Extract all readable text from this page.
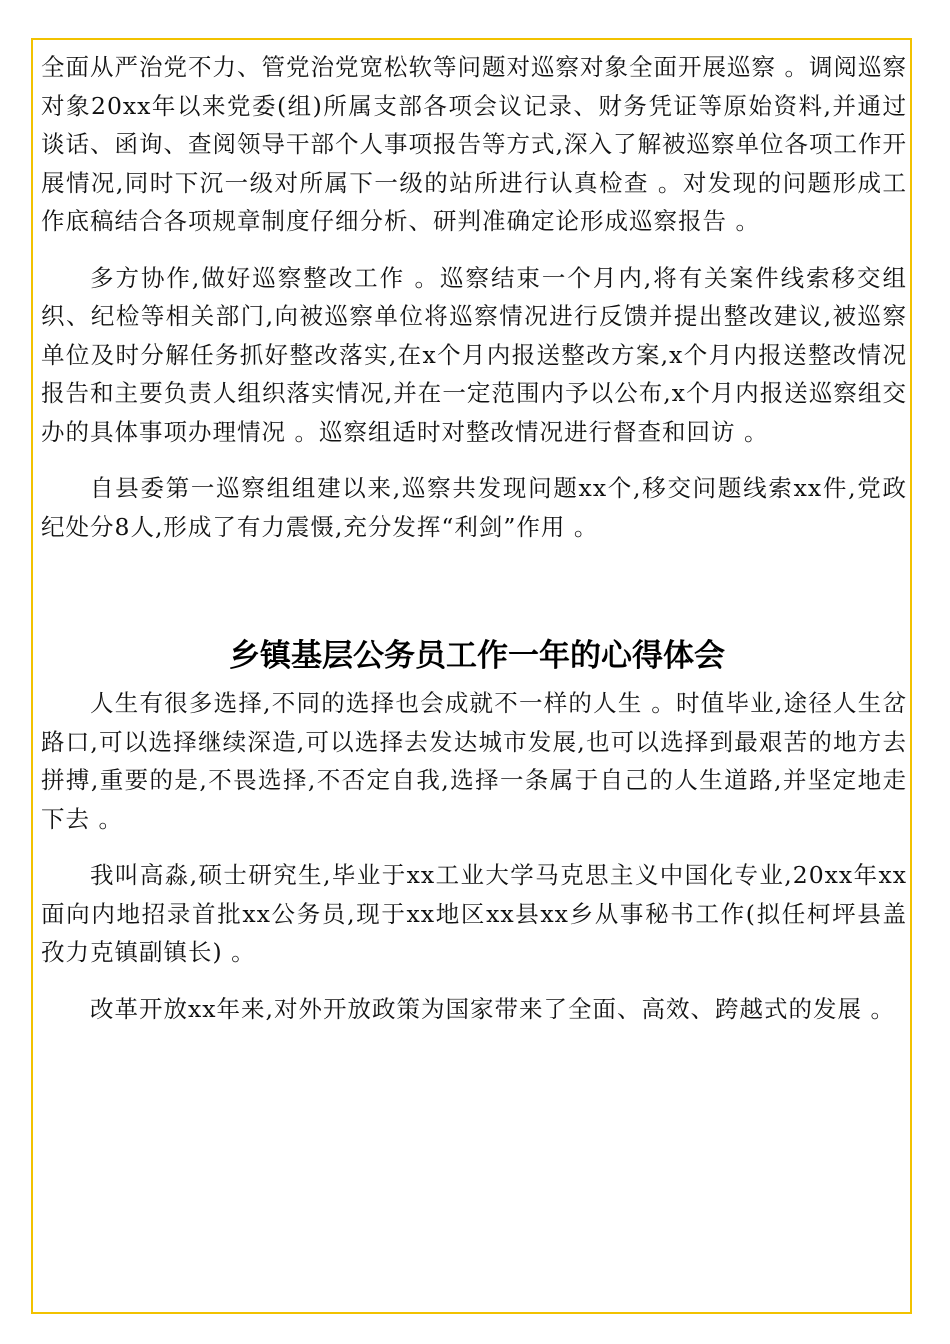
全面从严治党不力、管党治党宽松软等问题对巡察对象全面开展巡察 。调阅巡察对象20xx年以来党委(组)所属支部各项会议记录、财务凭证等原始资料,并通过谈话、函询、查阅领导干部个人事项报告等方式,深入了解被巡察单位各项工作开展情况,同时下沉一级对所属下一级的站所进行认真检查 。对发现的问题形成工作底稿结合各项规章制度仔细分析、研判准确定论形成巡察报告 。

多方协作,做好巡察整改工作 。巡察结束一个月内,将有关案件线索移交组织、纪检等相关部门,向被巡察单位将巡察情况进行反馈并提出整改建议,被巡察单位及时分解任务抓好整改落实,在x个月内报送整改方案,x个月内报送整改情况报告和主要负责人组织落实情况,并在一定范围内予以公布,x个月内报送巡察组交办的具体事项办理情况 。巡察组适时对整改情况进行督查和回访 。

自县委第一巡察组组建以来,巡察共发现问题xx个,移交问题线索xx件,党政纪处分8人,形成了有力震慑,充分发挥“利剑”作用 。

乡镇基层公务员工作一年的心得体会

人生有很多选择,不同的选择也会成就不一样的人生 。时值毕业,途径人生岔路口,可以选择继续深造,可以选择去发达城市发展,也可以选择到最艰苦的地方去拼搏,重要的是,不畏选择,不否定自我,选择一条属于自己的人生道路,并坚定地走下去 。

我叫高淼,硕士研究生,毕业于xx工业大学马克思主义中国化专业,20xx年xx面向内地招录首批xx公务员,现于xx地区xx县xx乡从事秘书工作(拟任柯坪县盖孜力克镇副镇长) 。

改革开放xx年来,对外开放政策为国家带来了全面、高效、跨越式的发展 。
